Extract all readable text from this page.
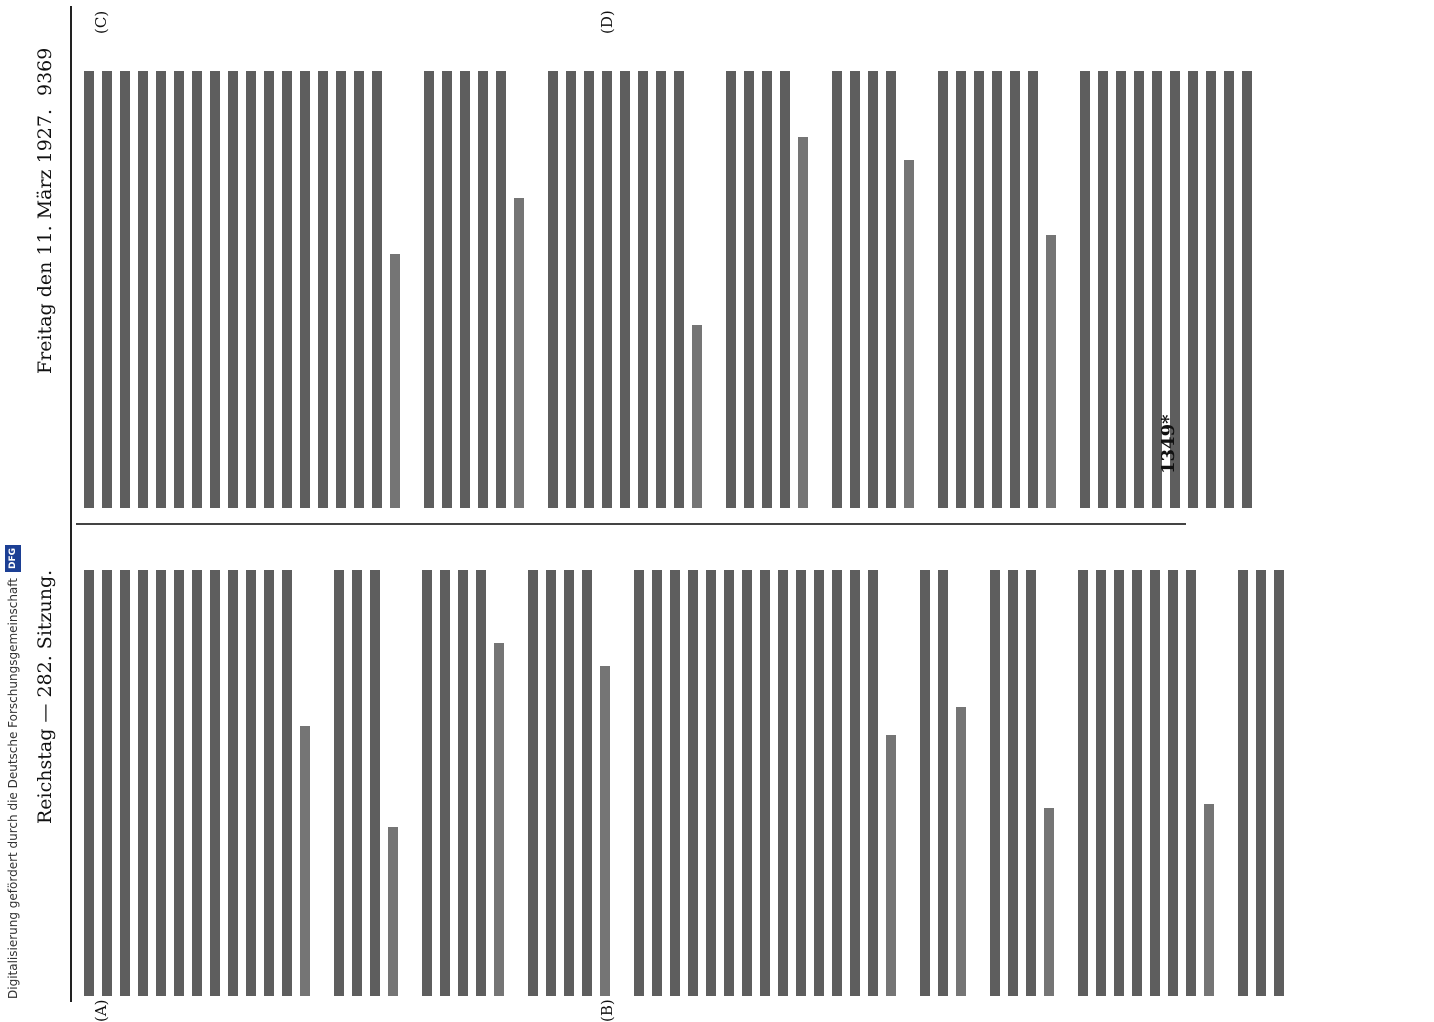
Reichstag — 282. Sitzung.
Freitag den 11. März 1927.
9369
(A)	(B)
(C)	(D)
1349*
Digitalisierung gefördert durch die Deutsche Forschungsgemeinschaft
DFG
